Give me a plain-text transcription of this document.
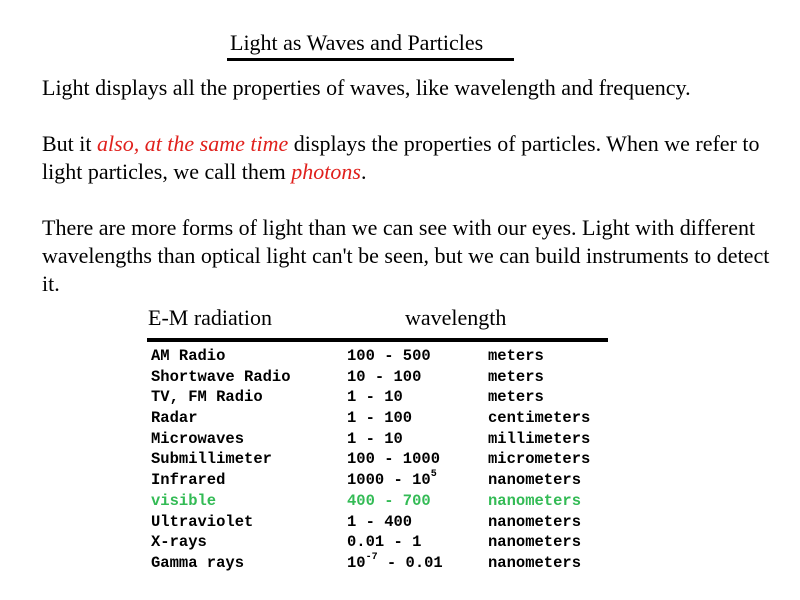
Light as Waves and Particles

Light displays all the properties of waves, like wavelength and frequency.

But it also, at the same time displays the properties of particles. When we refer to light particles, we call them photons.

There are more forms of light than we can see with our eyes. Light with different wavelengths than optical light can't be seen, but we can build instruments to detect it.

E-M radiation	wavelength
AM Radio	100 - 500	meters
Shortwave Radio	10 - 100	meters
TV, FM Radio	1 - 10	meters
Radar	1 - 100	centimeters
Microwaves	1 - 10	millimeters
Submillimeter	100 - 1000	micrometers
Infrared	$1000 - 10^5$	nanometers
visible	400 - 700	nanometers
Ultraviolet	1 - 400	nanometers
X-rays	0.01 - 1	nanometers
Gamma rays	$10^{-7} - 0.01$	nanometers
